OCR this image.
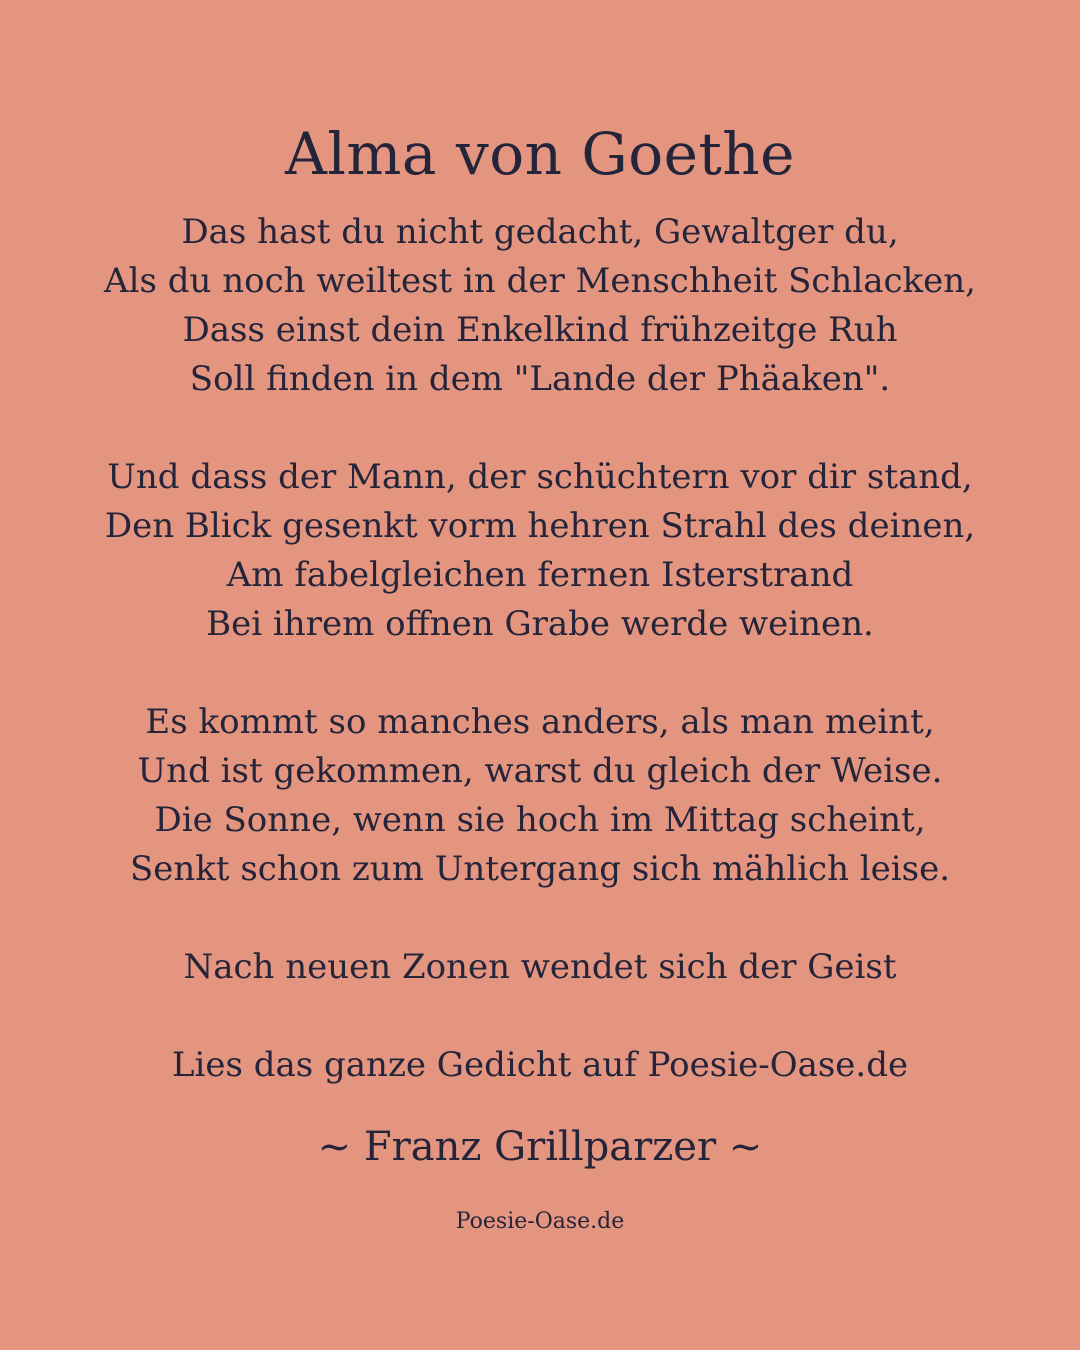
Alma von Goethe
Das hast du nicht gedacht, Gewaltger du,
Als du noch weiltest in der Menschheit Schlacken,
Dass einst dein Enkelkind frühzeitge Ruh
Soll finden in dem "Lande der Phäaken".
Und dass der Mann, der schüchtern vor dir stand,
Den Blick gesenkt vorm hehren Strahl des deinen,
Am fabelgleichen fernen Isterstrand
Bei ihrem offnen Grabe werde weinen.
Es kommt so manches anders, als man meint,
Und ist gekommen, warst du gleich der Weise.
Die Sonne, wenn sie hoch im Mittag scheint,
Senkt schon zum Untergang sich mählich leise.
Nach neuen Zonen wendet sich der Geist
Lies das ganze Gedicht auf Poesie-Oase.de
~ Franz Grillparzer ~
Poesie-Oase.de
